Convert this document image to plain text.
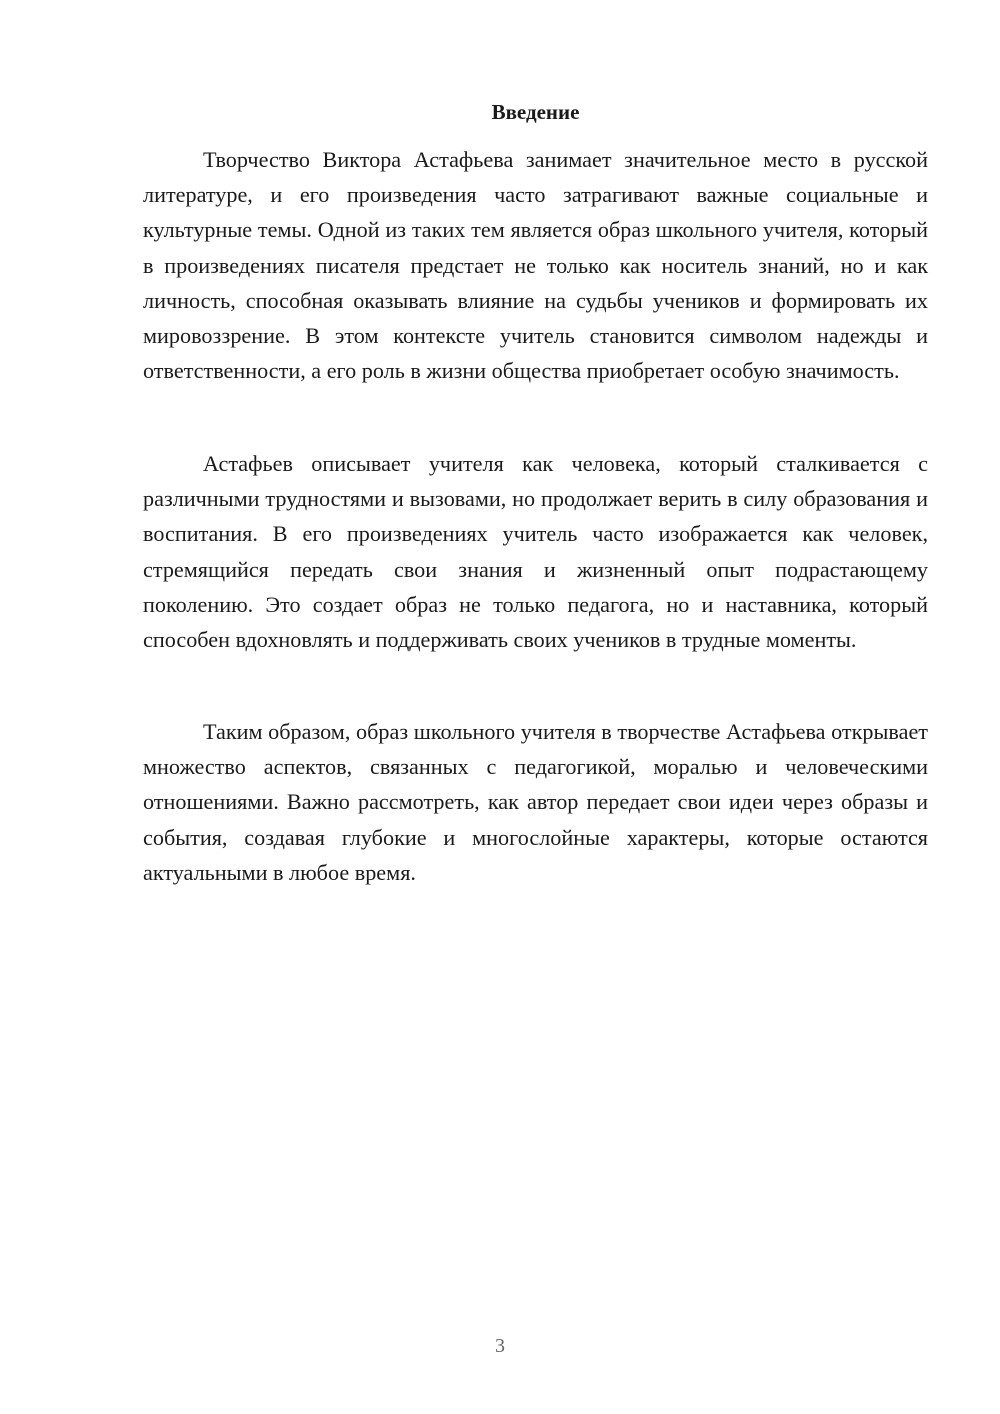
Введение

Творчество Виктора Астафьева занимает значительное место в русской литературе, и его произведения часто затрагивают важные социальные и культурные темы. Одной из таких тем является образ школьного учителя, который в произведениях писателя предстает не только как носитель знаний, но и как личность, способная оказывать влияние на судьбы учеников и формировать их мировоззрение. В этом контексте учитель становится символом надежды и ответственности, а его роль в жизни общества приобретает особую значимость.

Астафьев описывает учителя как человека, который сталкивается с различными трудностями и вызовами, но продолжает верить в силу образования и воспитания. В его произведениях учитель часто изображается как человек, стремящийся передать свои знания и жизненный опыт подрастающему поколению. Это создает образ не только педагога, но и наставника, который способен вдохновлять и поддерживать своих учеников в трудные моменты.

Таким образом, образ школьного учителя в творчестве Астафьева открывает множество аспектов, связанных с педагогикой, моралью и человеческими отношениями. Важно рассмотреть, как автор передает свои идеи через образы и события, создавая глубокие и многослойные характеры, которые остаются актуальными в любое время.

3
